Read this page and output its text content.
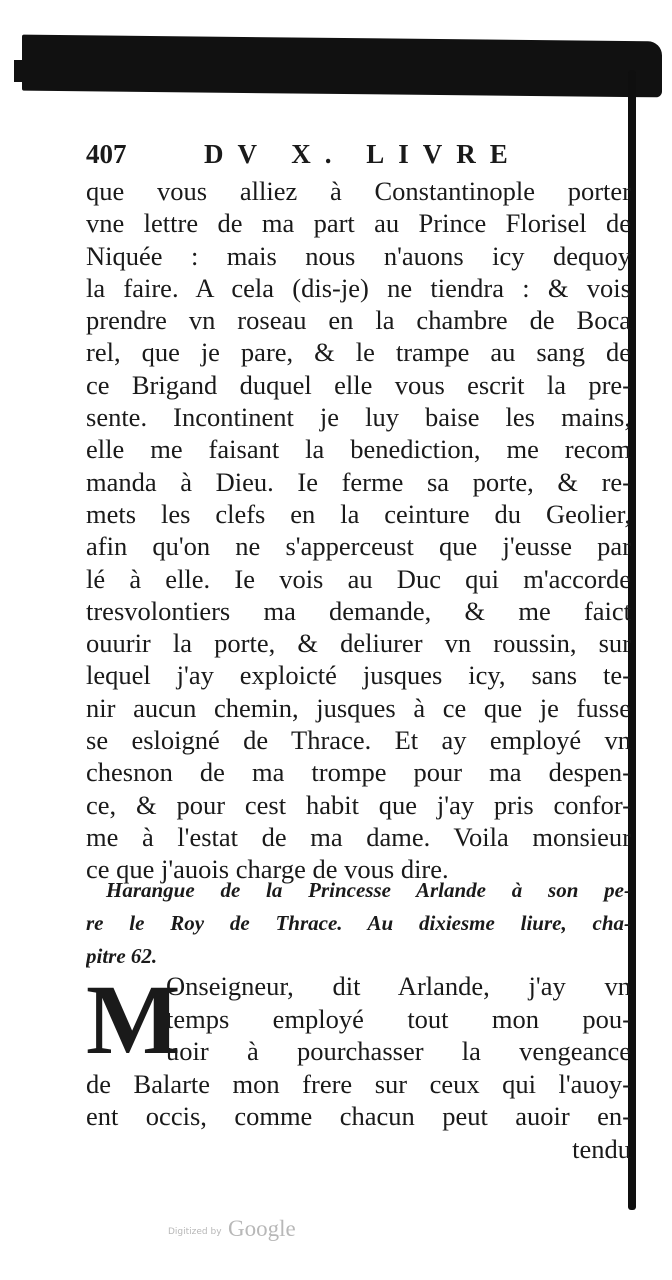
407	DV X. LIVRE
que vous alliez à Constantinople porter
vne lettre de ma part au Prince Florisel de
Niquée : mais nous n'auons icy dequoy
la faire. A cela (dis-je) ne tiendra : & vois
prendre vn roseau en la chambre de Boca
rel, que je pare, & le trampe au sang de
ce Brigand duquel elle vous escrit la pre-
sente. Incontinent je luy baise les mains,
elle me faisant la benediction, me recom
manda à Dieu. Ie ferme sa porte, & re-
mets les clefs en la ceinture du Geolier,
afin qu'on ne s'apperceust que j'eusse par
lé à elle. Ie vois au Duc qui m'accorde
tresvolontiers ma demande, & me faict
ouurir la porte, & deliurer vn roussin, sur
lequel j'ay exploicté jusques icy, sans te-
nir aucun chemin, jusques à ce que je fusse
se esloigné de Thrace. Et ay employé vn
chesnon de ma trompe pour ma despen-
ce, & pour cest habit que j'ay pris confor-
me à l'estat de ma dame. Voila monsieur
ce que j'auois charge de vous dire.
Harangue de la Princesse Arlande à son pe-
re le Roy de Thrace. Au dixiesme liure, cha-
pitre 62.
M
Onseigneur, dit Arlande, j'ay vn
temps employé tout mon pou-
uoir à pourchasser la vengeance
de Balarte mon frere sur ceux qui l'auoy-
ent occis, comme chacun peut auoir en-
tendu
Digitized by Google
